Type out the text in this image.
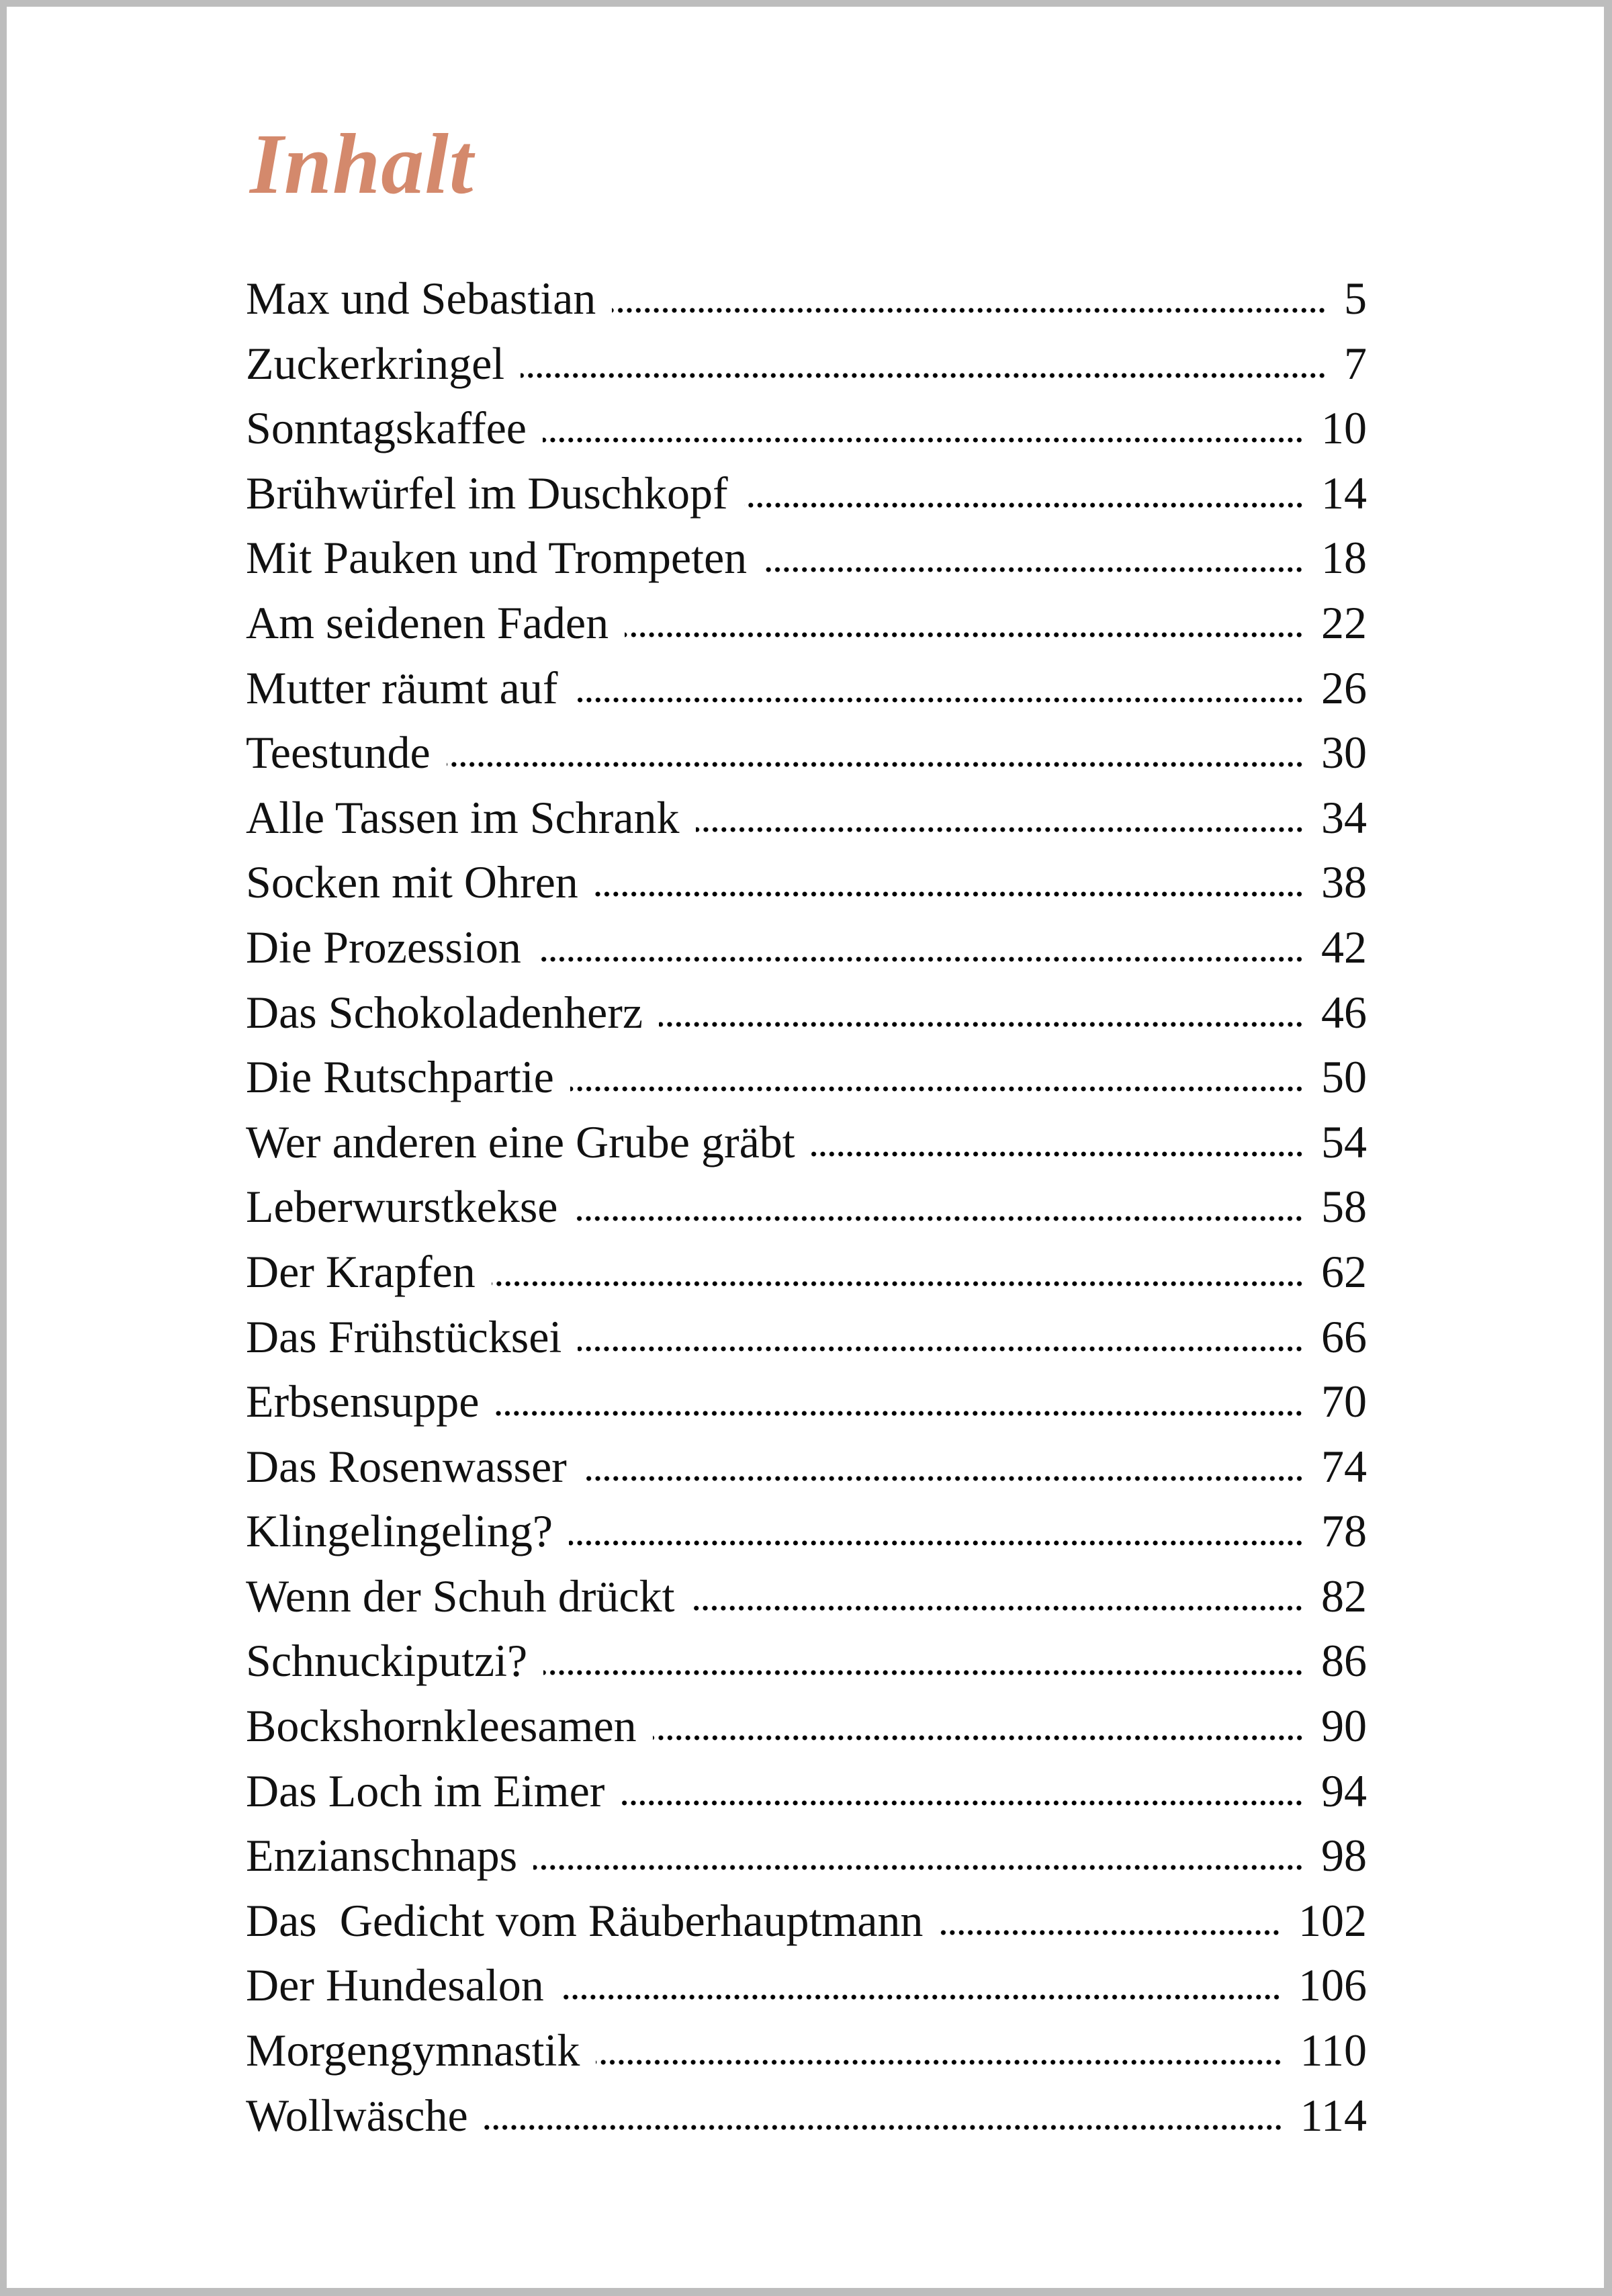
Inhalt
Max und Sebastian	5
Zuckerkringel	7
Sonntagskaffee	10
Brühwürfel im Duschkopf	14
Mit Pauken und Trompeten	18
Am seidenen Faden	22
Mutter räumt auf	26
Teestunde	30
Alle Tassen im Schrank	34
Socken mit Ohren	38
Die Prozession	42
Das Schokoladenherz	46
Die Rutschpartie	50
Wer anderen eine Grube gräbt	54
Leberwurstkekse	58
Der Krapfen	62
Das Frühstücksei	66
Erbsensuppe	70
Das Rosenwasser	74
Klingelingeling?	78
Wenn der Schuh drückt	82
Schnuckiputzi?	86
Bockshornkleesamen	90
Das Loch im Eimer	94
Enzianschnaps	98
Das  Gedicht vom Räuberhauptmann	102
Der Hundesalon	106
Morgengymnastik	110
Wollwäsche	114
